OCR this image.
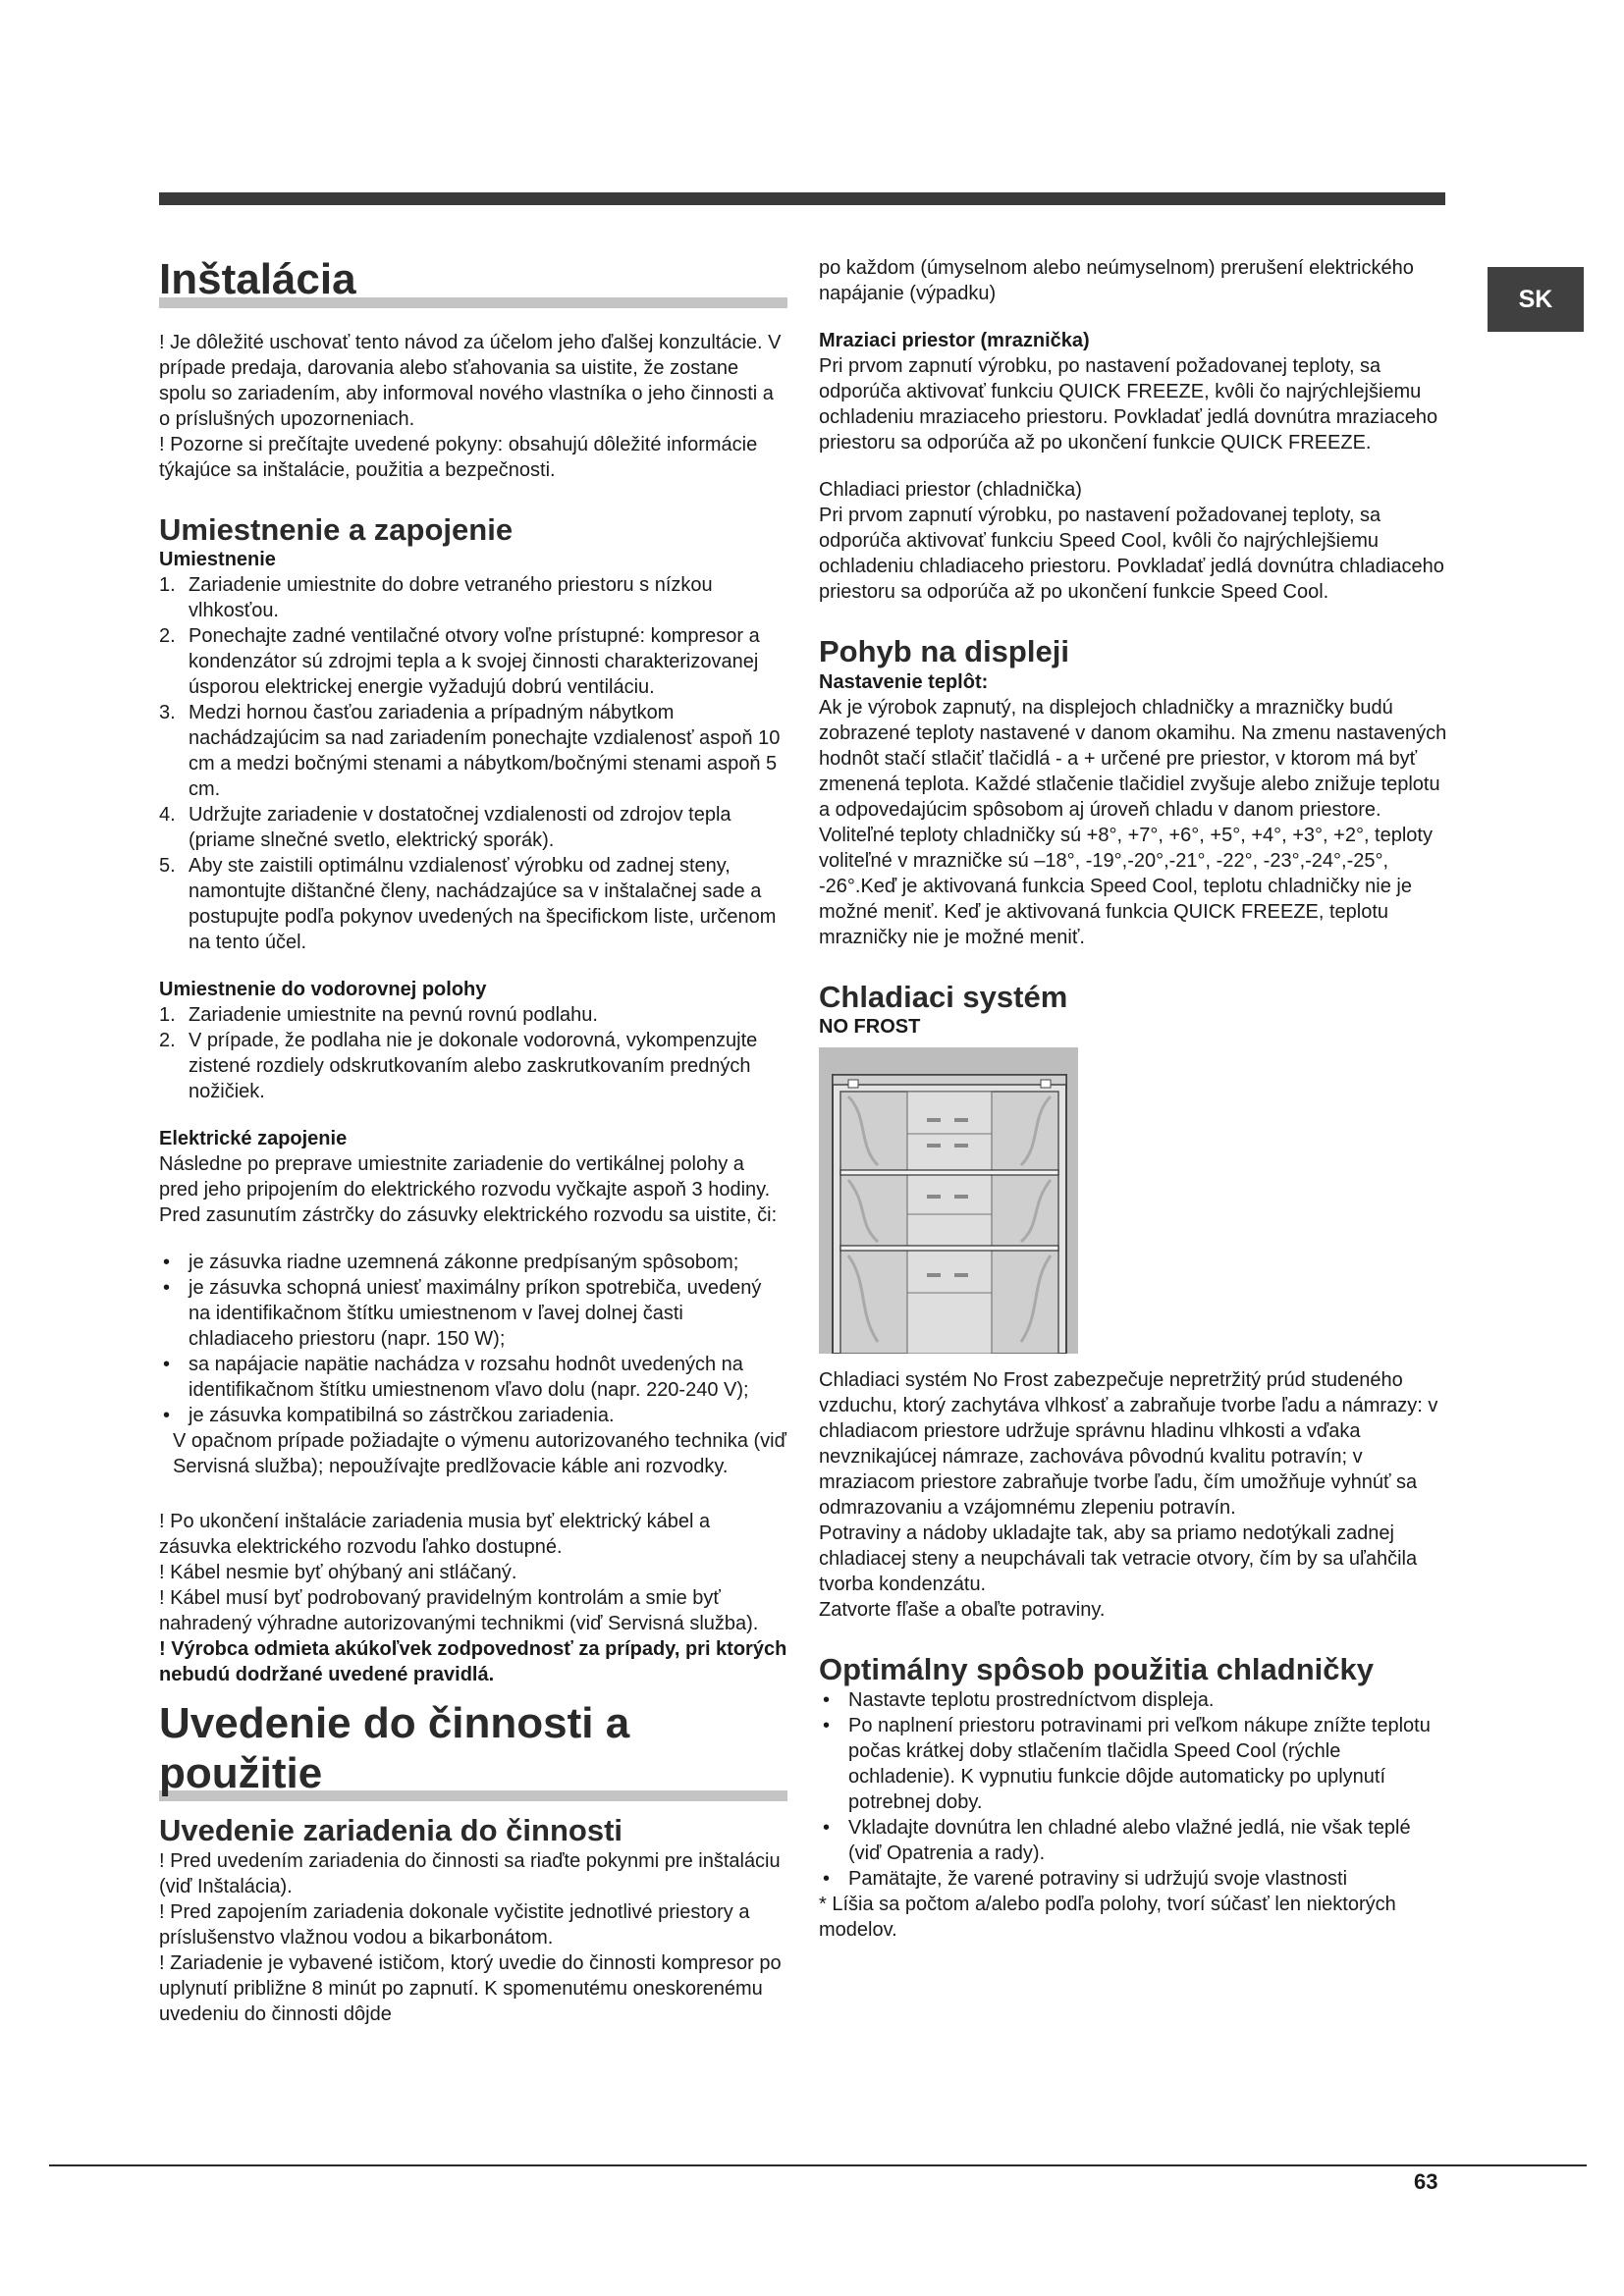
SK
Inštalácia

! Je dôležité uschovať tento návod za účelom jeho ďalšej konzultácie. V prípade predaja, darovania alebo sťahovania sa uistite, že zostane spolu so zariadením, aby informoval nového vlastníka o jeho činnosti a o príslušných upozorneniach.

! Pozorne si prečítajte uvedené pokyny: obsahujú dôležité informácie týkajúce sa inštalácie, použitia a bezpečnosti.

Umiestnenie a zapojenie
Umiestnenie
1. Zariadenie umiestnite do dobre vetraného priestoru s nízkou vlhkosťou.
2. Ponechajte zadné ventilačné otvory voľne prístupné: kompresor a kondenzátor sú zdrojmi tepla a k svojej činnosti charakterizovanej úsporou elektrickej energie vyžadujú dobrú ventiláciu.
3. Medzi hornou časťou zariadenia a prípadným nábytkom nachádzajúcim sa nad zariadením ponechajte vzdialenosť aspoň 10 cm a medzi bočnými stenami a nábytkom/bočnými stenami aspoň 5 cm.
4. Udržujte zariadenie v dostatočnej vzdialenosti od zdrojov tepla (priame slnečné svetlo, elektrický sporák).
5. Aby ste zaistili optimálnu vzdialenosť výrobku od zadnej steny, namontujte dištančné členy, nachádzajúce sa v inštalačnej sade a postupujte podľa pokynov uvedených na špecifickom liste, určenom na tento účel.
Umiestnenie do vodorovnej polohy
1. Zariadenie umiestnite na pevnú rovnú podlahu.
2. V prípade, že podlaha nie je dokonale vodorovná, vykompenzujte zistené rozdiely odskrutkovaním alebo zaskrutkovaním predných nožičiek.
Elektrické zapojenie

Následne po preprave umiestnite zariadenie do vertikálnej polohy a pred jeho pripojením do elektrického rozvodu vyčkajte aspoň 3 hodiny. Pred zasunutím zástrčky do zásuvky elektrického rozvodu sa uistite, či:

• je zásuvka riadne uzemnená zákonne predpísaným spôsobom;
• je zásuvka schopná uniesť maximálny príkon spotrebiča, uvedený na identifikačnom štítku umiestnenom v ľavej dolnej časti chladiaceho priestoru (napr. 150 W);
• sa napájacie napätie nachádza v rozsahu hodnôt uvedených na identifikačnom štítku umiestnenom vľavo dolu (napr. 220-240 V);
• je zásuvka kompatibilná so zástrčkou zariadenia.

V opačnom prípade požiadajte o výmenu autorizovaného technika (viď Servisná služba); nepoužívajte predlžovacie káble ani rozvodky.

! Po ukončení inštalácie zariadenia musia byť elektrický kábel a zásuvka elektrického rozvodu ľahko dostupné.

! Kábel nesmie byť ohýbaný ani stláčaný.

! Kábel musí byť podrobovaný pravidelným kontrolám a smie byť nahradený výhradne autorizovanými technikmi (viď Servisná služba).

! Výrobca odmieta akúkoľvek zodpovednosť za prípady, pri ktorých nebudú dodržané uvedené pravidlá.

Uvedenie do činnosti a
použitie
Uvedenie zariadenia do činnosti

! Pred uvedením zariadenia do činnosti sa riaďte pokynmi pre inštaláciu (viď Inštalácia).

! Pred zapojením zariadenia dokonale vyčistite jednotlivé priestory a príslušenstvo vlažnou vodou a bikarbonátom.

! Zariadenie je vybavené ističom, ktorý uvedie do činnosti kompresor po uplynutí približne 8 minút po zapnutí. K spomenutému oneskorenému uvedeniu do činnosti dôjde

po každom (úmyselnom alebo neúmyselnom) prerušení elektrického napájanie (výpadku)

Mraziaci priestor (mraznička)

Pri prvom zapnutí výrobku, po nastavení požadovanej teploty, sa odporúča aktivovať funkciu QUICK FREEZE, kvôli čo najrýchlejšiemu ochladeniu mraziaceho priestoru. Povkladať jedlá dovnútra mraziaceho priestoru sa odporúča až po ukončení funkcie QUICK FREEZE.

Chladiaci priestor (chladnička)

Pri prvom zapnutí výrobku, po nastavení požadovanej teploty, sa odporúča aktivovať funkciu Speed Cool, kvôli čo najrýchlejšiemu ochladeniu chladiaceho priestoru. Povkladať jedlá dovnútra chladiaceho priestoru sa odporúča až po ukončení funkcie Speed Cool.

Pohyb na displeji
Nastavenie teplôt:

Ak je výrobok zapnutý, na displejoch chladničky a mrazničky budú zobrazené teploty nastavené v danom okamihu. Na zmenu nastavených hodnôt stačí stlačiť tlačidlá - a + určené pre priestor, v ktorom má byť zmenená teplota. Každé stlačenie tlačidiel zvyšuje alebo znižuje teplotu a odpovedajúcim spôsobom aj úroveň chladu v danom priestore. Voliteľné teploty chladničky sú +8°, +7°, +6°, +5°, +4°, +3°, +2°, teploty voliteľné v mrazničke sú –18°, -19°,-20°,-21°, -22°, -23°,-24°,-25°, -26°.Keď je aktivovaná funkcia Speed Cool, teplotu chladničky nie je možné meniť. Keď je aktivovaná funkcia QUICK FREEZE, teplotu mrazničky nie je možné meniť.

Chladiaci systém
NO FROST

Chladiaci systém No Frost zabezpečuje nepretržitý prúd studeného vzduchu, ktorý zachytáva vlhkosť a zabraňuje tvorbe ľadu a námrazy: v chladiacom priestore udržuje správnu hladinu vlhkosti a vďaka nevznikajúcej námraze, zachováva pôvodnú kvalitu potravín; v mraziacom priestore zabraňuje tvorbe ľadu, čím umožňuje vyhnúť sa odmrazovaniu a vzájomnému zlepeniu potravín.

Potraviny a nádoby ukladajte tak, aby sa priamo nedotýkali zadnej chladiacej steny a neupchávali tak vetracie otvory, čím by sa uľahčila tvorba kondenzátu.

Zatvorte fľaše a obaľte potraviny.

Optimálny spôsob použitia chladničky
• Nastavte teplotu prostredníctvom displeja.
• Po naplnení priestoru potravinami pri veľkom nákupe znížte teplotu počas krátkej doby stlačením tlačidla Speed Cool (rýchle ochladenie). K vypnutiu funkcie dôjde automaticky po uplynutí potrebnej doby.
• Vkladajte dovnútra len chladné alebo vlažné jedlá, nie však teplé (viď Opatrenia a rady).
• Pamätajte, že varené potraviny si udržujú svoje vlastnosti

* Líšia sa počtom a/alebo podľa polohy, tvorí súčasť len niektorých modelov.

63
